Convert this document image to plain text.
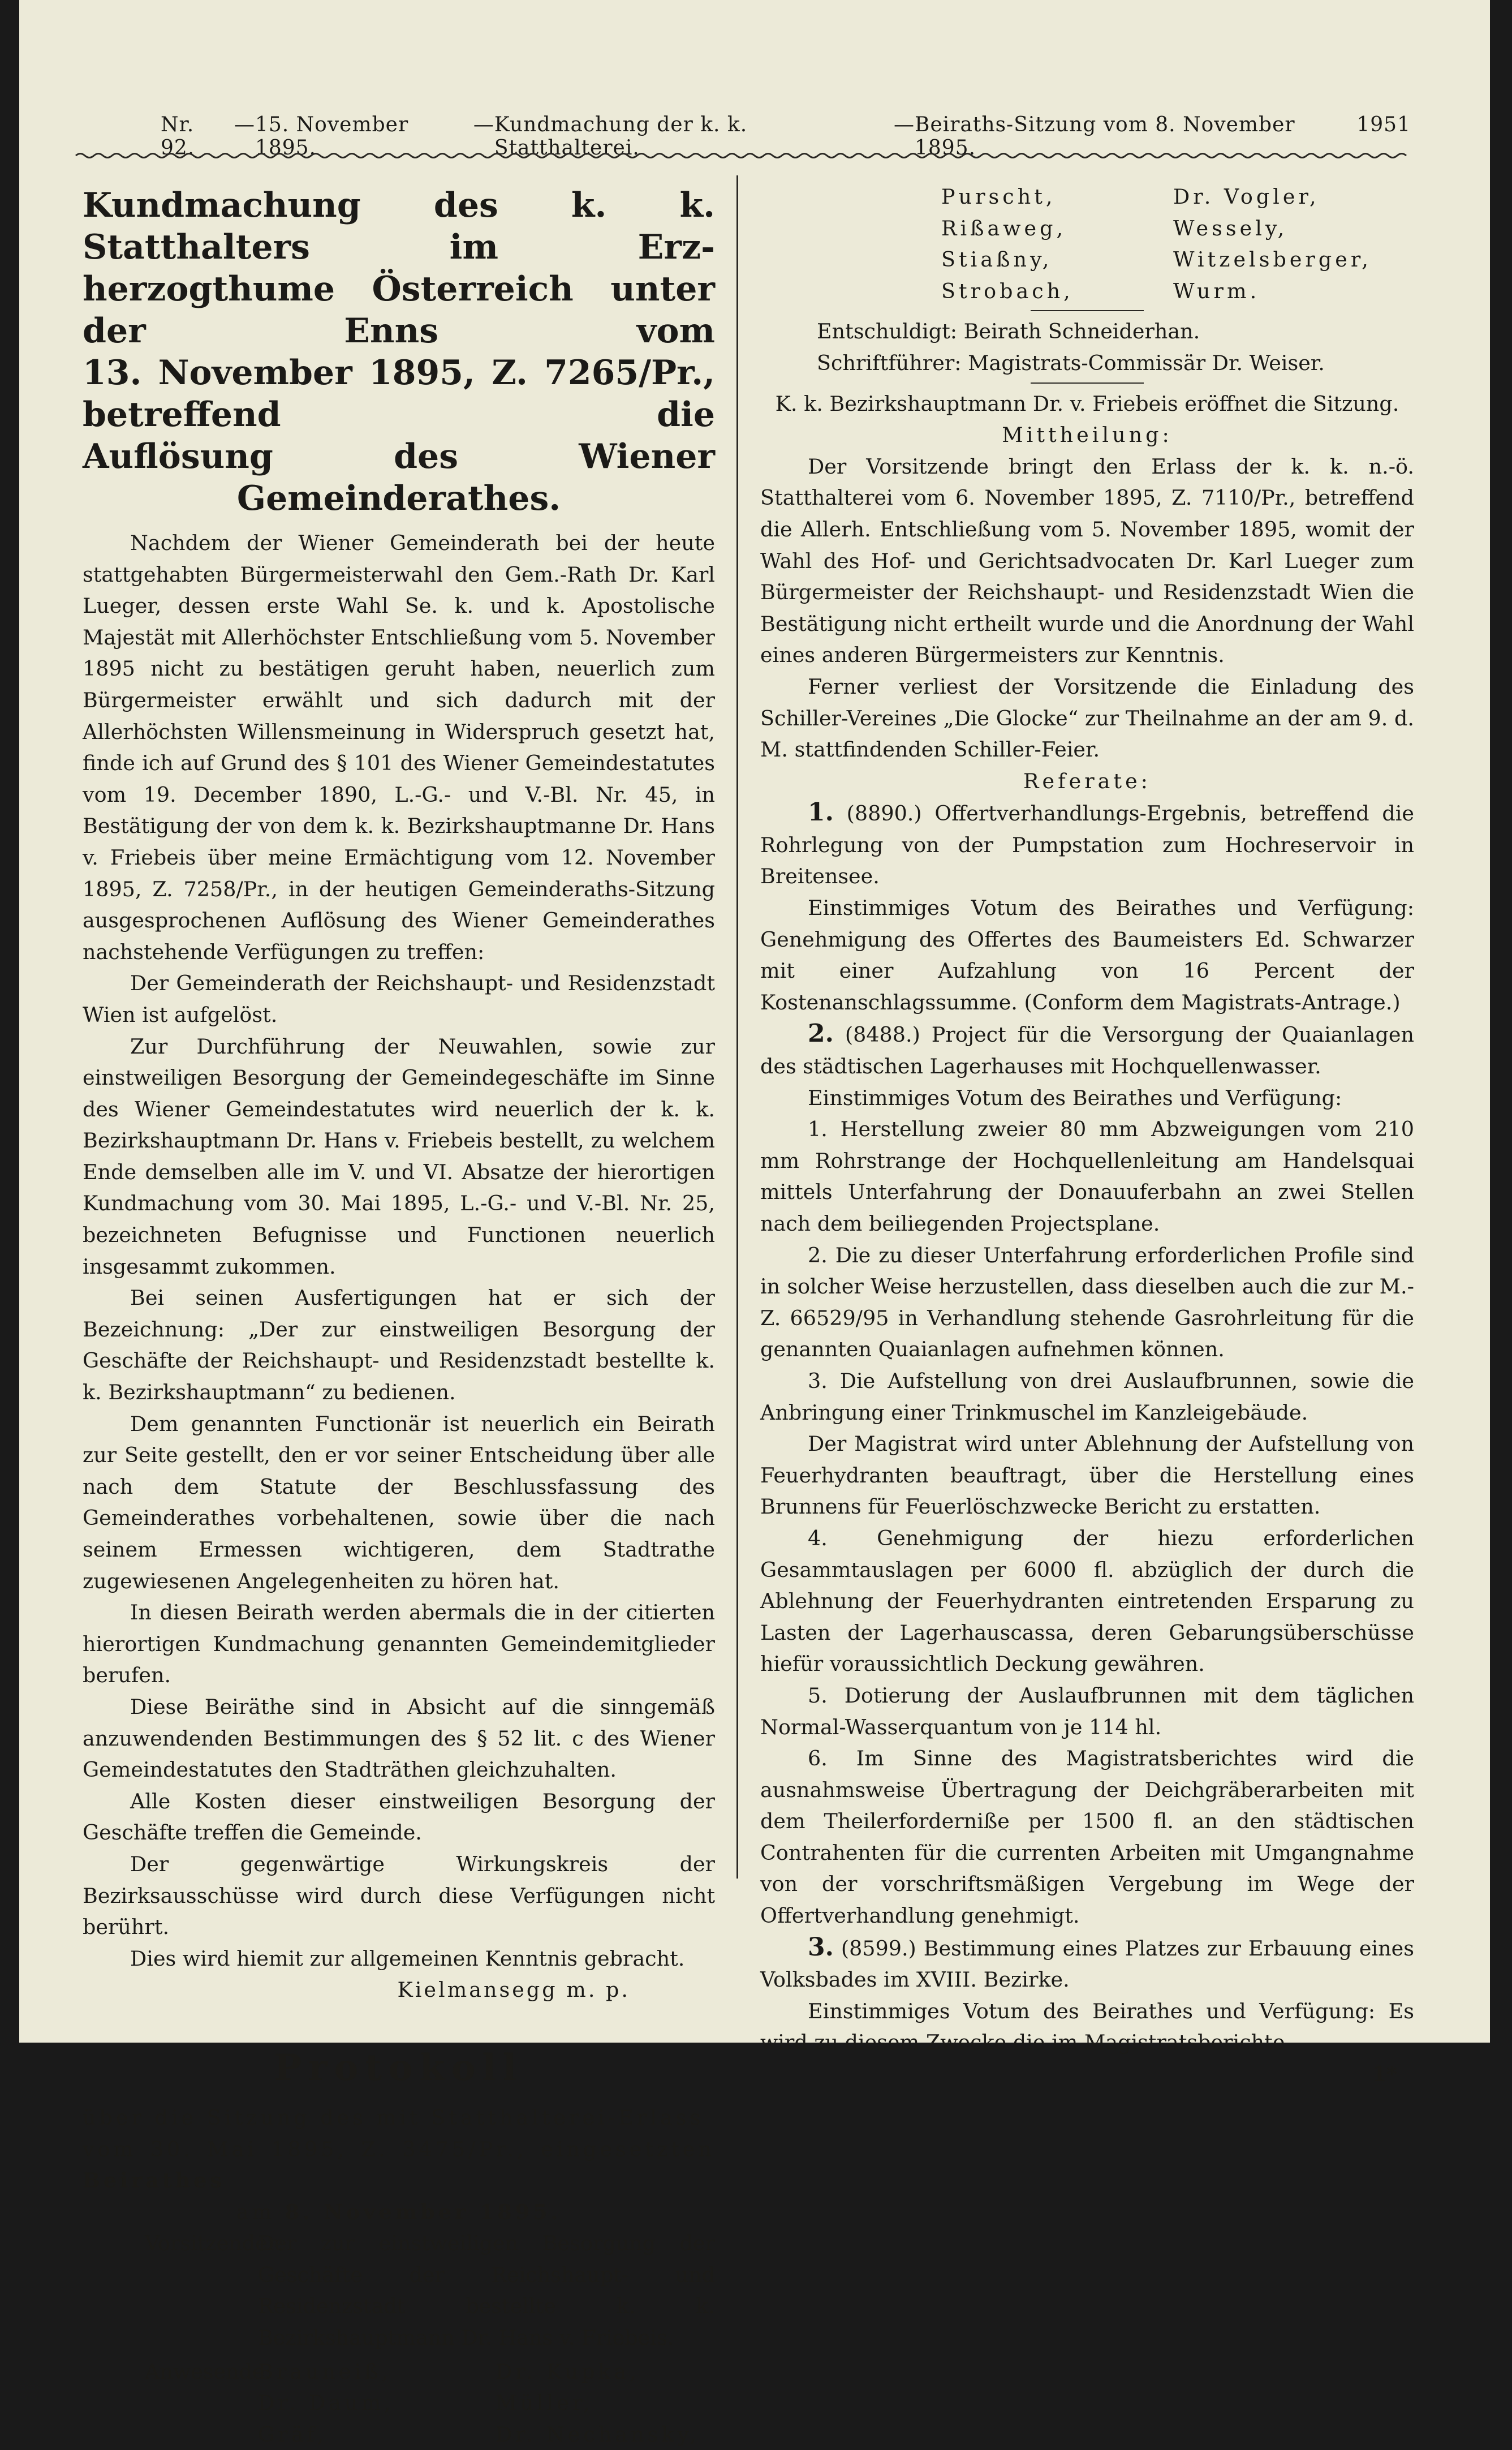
Nr. 92.
— 15. November 1895.
— Kundmachung der k. k. Statthalterei.
— Beiraths-Sitzung vom 8. November 1895.
1951
Kundmachung des k. k. Statthalters im Erz-
herzogthume Österreich unter der Enns vom
13. November 1895, Z. 7265/Pr., betreffend die
Auflösung des Wiener Gemeinderathes.

Nachdem der Wiener Gemeinderath bei der heute stattgehabten Bürgermeisterwahl den Gem.-Rath Dr. Karl Lueger, dessen erste Wahl Se. k. und k. Apostolische Majestät mit Allerhöchster Entschließung vom 5. November 1895 nicht zu bestätigen geruht haben, neuerlich zum Bürgermeister erwählt und sich dadurch mit der Allerhöchsten Willensmeinung in Widerspruch gesetzt hat, finde ich auf Grund des § 101 des Wiener Gemeindestatutes vom 19. December 1890, L.-G.- und V.-Bl. Nr. 45, in Bestätigung der von dem k. k. Bezirkshauptmanne Dr. Hans v. Friebeis über meine Ermächtigung vom 12. November 1895, Z. 7258/Pr., in der heutigen Gemeinderaths-Sitzung ausgesprochenen Auflösung des Wiener Gemeinderathes nachstehende Verfügungen zu treffen:

Der Gemeinderath der Reichshaupt- und Residenzstadt Wien ist aufgelöst.

Zur Durchführung der Neuwahlen, sowie zur einstweiligen Besorgung der Gemeindegeschäfte im Sinne des Wiener Gemeindestatutes wird neuerlich der k. k. Bezirkshauptmann Dr. Hans v. Friebeis bestellt, zu welchem Ende demselben alle im V. und VI. Absatze der hierortigen Kundmachung vom 30. Mai 1895, L.-G.- und V.-Bl. Nr. 25, bezeichneten Befugnisse und Functionen neuerlich insgesammt zukommen.

Bei seinen Ausfertigungen hat er sich der Bezeichnung: „Der zur einstweiligen Besorgung der Geschäfte der Reichshaupt- und Residenzstadt bestellte k. k. Bezirkshauptmann“ zu bedienen.

Dem genannten Functionär ist neuerlich ein Beirath zur Seite gestellt, den er vor seiner Entscheidung über alle nach dem Statute der Beschlussfassung des Gemeinderathes vorbehaltenen, sowie über die nach seinem Ermessen wichtigeren, dem Stadtrathe zugewiesenen Angelegenheiten zu hören hat.

In diesen Beirath werden abermals die in der citierten hierortigen Kundmachung genannten Gemeindemitglieder berufen.

Diese Beiräthe sind in Absicht auf die sinngemäß anzuwendenden Bestimmungen des § 52 lit. c des Wiener Gemeindestatutes den Stadträthen gleichzuhalten.

Alle Kosten dieser einstweiligen Besorgung der Geschäfte treffen die Gemeinde.

Der gegenwärtige Wirkungskreis der Bezirksausschüsse wird durch diese Verfügungen nicht berührt.

Dies wird hiemit zur allgemeinen Kenntnis gebracht.

Kielmansegg m. p.

Protokoll

über die Sitzung des mit Statthalterei-Erlass

vom 30. Mai 1895, Z. 3475/Pr., eingesetzten Beirathes

am 8. November 1895.

Vorsitzender:

Der zur einstweiligen Besorgung der Geschäfte der Reichshaupt- und Residenzstadt bestellte k. k. Bezirkshauptmann Dr. Hans v. Friebeis.

Anwesende:
Brauneiß,	Dr. Kupka,
Dr. Daum,	Müller,
Gräf,	Dr. Nechansky,
Purscht,	Dr. Vogler,
Rißaweg,	Wessely,
Stiaßny,	Witzelsberger,
Strobach,	Wurm.

Entschuldigt: Beirath Schneiderhan.

Schriftführer: Magistrats-Commissär Dr. Weiser.

K. k. Bezirkshauptmann Dr. v. Friebeis eröffnet die Sitzung.

Mittheilung:

Der Vorsitzende bringt den Erlass der k. k. n.-ö. Statthalterei vom 6. November 1895, Z. 7110/Pr., betreffend die Allerh. Entschließung vom 5. November 1895, womit der Wahl des Hof- und Gerichtsadvocaten Dr. Karl Lueger zum Bürgermeister der Reichshaupt- und Residenzstadt Wien die Bestätigung nicht ertheilt wurde und die Anordnung der Wahl eines anderen Bürgermeisters zur Kenntnis.

Ferner verliest der Vorsitzende die Einladung des Schiller-Vereines „Die Glocke“ zur Theilnahme an der am 9. d. M. stattfindenden Schiller-Feier.

Referate:

1. (8890.) Offertverhandlungs-Ergebnis, betreffend die Rohrlegung von der Pumpstation zum Hochreservoir in Breitensee.

Einstimmiges Votum des Beirathes und Verfügung: Genehmigung des Offertes des Baumeisters Ed. Schwarzer mit einer Aufzahlung von 16 Percent der Kostenanschlagssumme. (Conform dem Magistrats-Antrage.)

2. (8488.) Project für die Versorgung der Quaianlagen des städtischen Lagerhauses mit Hochquellenwasser.

Einstimmiges Votum des Beirathes und Verfügung:

1. Herstellung zweier 80 mm Abzweigungen vom 210 mm Rohrstrange der Hochquellenleitung am Handelsquai mittels Unterfahrung der Donauuferbahn an zwei Stellen nach dem beiliegenden Projectsplane.

2. Die zu dieser Unterfahrung erforderlichen Profile sind in solcher Weise herzustellen, dass dieselben auch die zur M.-Z. 66529/95 in Verhandlung stehende Gasrohrleitung für die genannten Quaianlagen aufnehmen können.

3. Die Aufstellung von drei Auslaufbrunnen, sowie die Anbringung einer Trinkmuschel im Kanzleigebäude.

Der Magistrat wird unter Ablehnung der Aufstellung von Feuerhydranten beauftragt, über die Herstellung eines Brunnens für Feuerlöschzwecke Bericht zu erstatten.

4. Genehmigung der hiezu erforderlichen Gesammtauslagen per 6000 fl. abzüglich der durch die Ablehnung der Feuerhydranten eintretenden Ersparung zu Lasten der Lagerhauscassa, deren Gebarungsüberschüsse hiefür voraussichtlich Deckung gewähren.

5. Dotierung der Auslaufbrunnen mit dem täglichen Normal-Wasserquantum von je 114 hl.

6. Im Sinne des Magistratsberichtes wird die ausnahmsweise Übertragung der Deichgräberarbeiten mit dem Theilerforderniße per 1500 fl. an den städtischen Contrahenten für die currenten Arbeiten mit Umgangnahme von der vorschriftsmäßigen Vergebung im Wege der Offertverhandlung genehmigt.

3. (8599.) Bestimmung eines Platzes zur Erbauung eines Volksbades im XVIII. Bezirke.

Einstimmiges Votum des Beirathes und Verfügung: Es wird zu diesem Zwecke die im Magistratsberichte

1*
